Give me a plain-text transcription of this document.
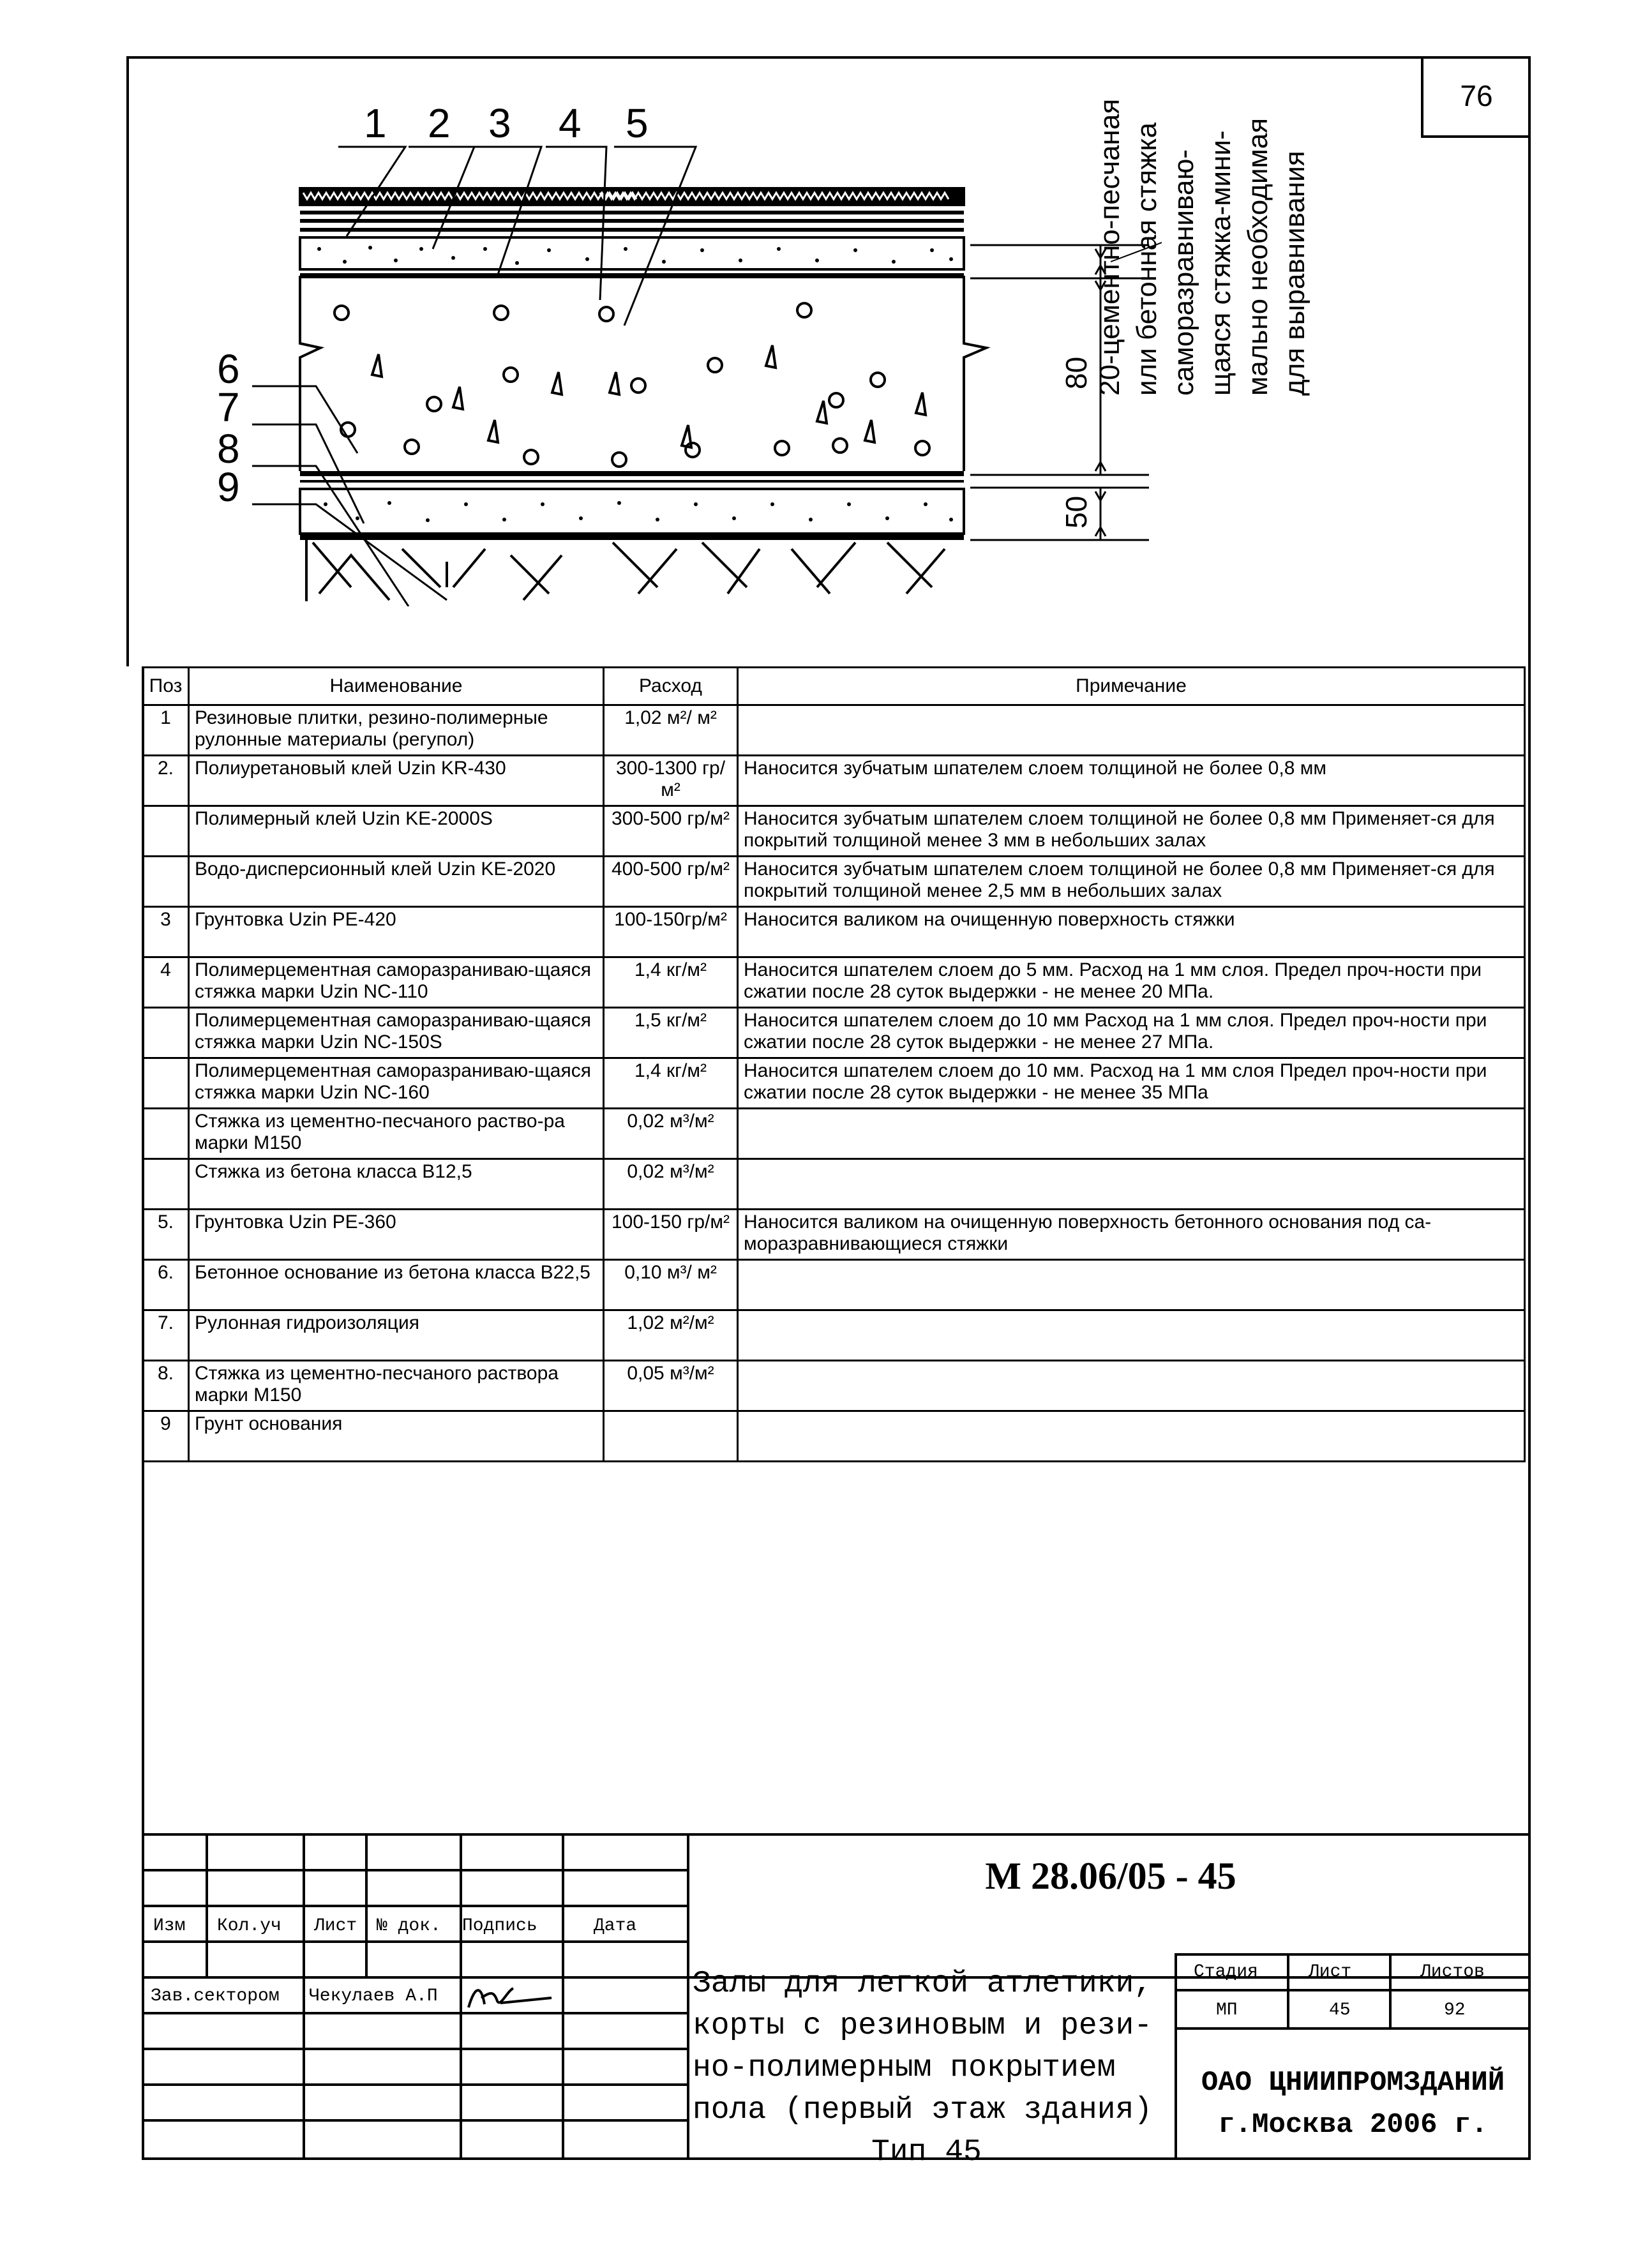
76
1 2 3 4 5
6
7
8
9
80
50
20-цементно-песчаная или бетонная стяжка саморазравниваю- щаяся стяжка-мини- мально необходимая для выравнивания
Поз	Наименование	Расход	Примечание
1	Резиновые плитки, резино-полимерные рулонные материалы (регупол)	1,02 м²/ м²	
2.	Полиуретановый клей Uzin KR-430	300-1300 гр/м²	Наносится зубчатым шпателем слоем толщиной не более 0,8 мм
	Полимерный клей Uzin KE-2000S	300-500 гр/м²	Наносится зубчатым шпателем слоем толщиной не более 0,8 мм Применяет-ся для покрытий толщиной менее 3 мм в небольших залах
	Водо-дисперсионный клей Uzin KE-2020	400-500 гр/м²	Наносится зубчатым шпателем слоем толщиной не более 0,8 мм Применяет-ся для покрытий толщиной менее 2,5 мм в небольших залах
3	Грунтовка Uzin PE-420	100-150гр/м²	Наносится валиком на очищенную поверхность стяжки
4	Полимерцементная саморазраниваю-щаяся стяжка марки Uzin NC-110	1,4 кг/м²	Наносится шпателем слоем до 5 мм. Расход на 1 мм слоя. Предел проч-ности при сжатии после 28 суток выдержки - не менее 20 МПа.
	Полимерцементная саморазраниваю-щаяся стяжка марки Uzin NC-150S	1,5 кг/м²	Наносится шпателем слоем до 10 мм Расход на 1 мм слоя. Предел проч-ности при сжатии после 28 суток выдержки - не менее 27 МПа.
	Полимерцементная саморазраниваю-щаяся стяжка марки Uzin NC-160	1,4 кг/м²	Наносится шпателем слоем до 10 мм. Расход на 1 мм слоя Предел проч-ности при сжатии после 28 суток выдержки - не менее 35 МПа
	Стяжка из цементно-песчаного раство-ра марки М150	0,02 м³/м²	
	Стяжка из бетона класса В12,5	0,02 м³/м²	
5.	Грунтовка Uzin PE-360	100-150 гр/м²	Наносится валиком на очищенную поверхность бетонного основания под са-моразравнивающиеся стяжки
6.	Бетонное основание из бетона класса В22,5	0,10 м³/ м²	
7.	Рулонная гидроизоляция	1,02 м²/м²	
8.	Стяжка из цементно-песчаного раствора марки М150	0,05 м³/м²	
9	Грунт основания		
М 28.06/05 - 45
Изм Кол.уч Лист № док. Подпись	Дата
Зав.сектором Чекулаев А.П	Залы для легкой атлетики,
корты с резиновым и рези-
но-полимерным покрытием
пола (первый этаж здания)
Тип 45
Стадия	Лист	Листов
МП	45	92
ОАО ЦНИИПРОМЗДАНИЙ
г.Москва 2006 г.
